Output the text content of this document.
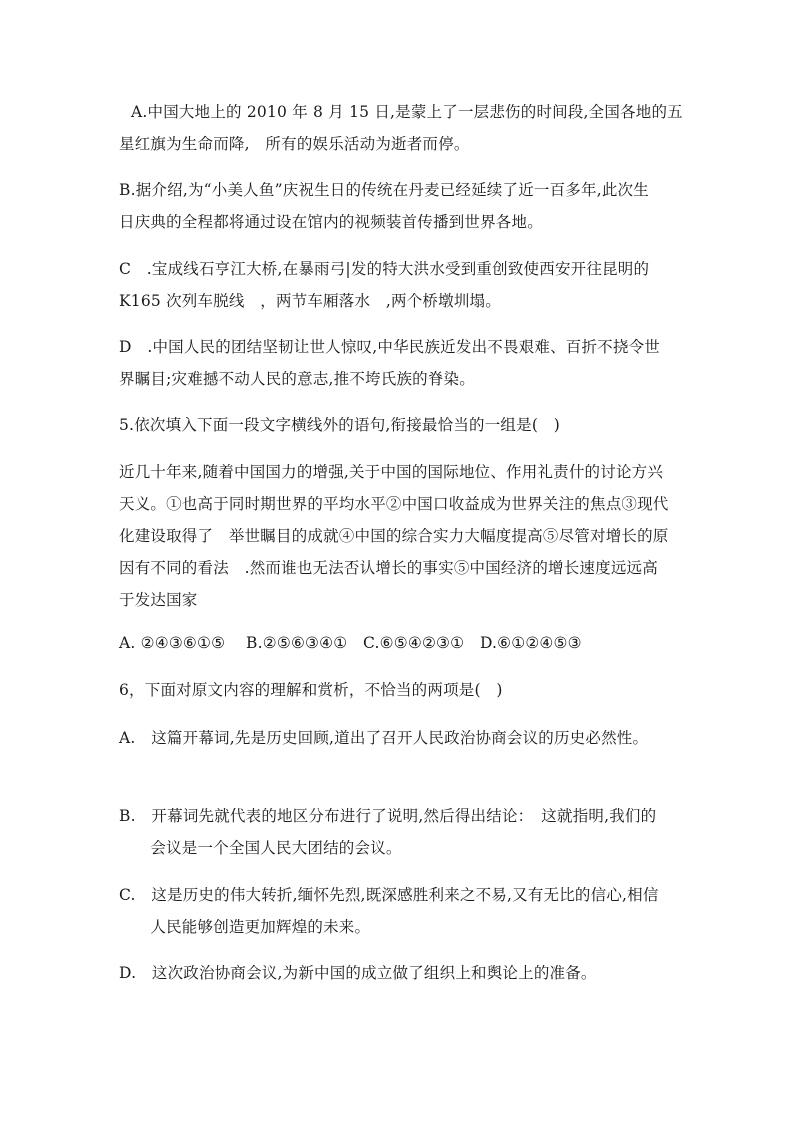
A.中国大地上的 2010 年 8 月 15 日,是蒙上了一层悲伤的时间段,全国各地的五
星红旗为生命而降,　所有的娱乐活动为逝者而停。
B.据介绍,为“小美人鱼”庆祝生日的传统在丹麦已经延续了近一百多年,此次生
日庆典的全程都将通过设在馆内的视频装首传播到世界各地。
C　.宝成线石亨江大桥,在暴雨弓|发的特大洪水受到重创致使西安开往昆明的
K165 次列车脱线　，两节车厢落水　,两个桥墩圳塌。
D　.中国人民的团结坚韧让世人惊叹,中华民族近发出不畏艰难、百折不挠令世
界瞩目;灾难撼不动人民的意志,推不垮氏族的脊染。
5.依次填入下面一段文字横线外的语句,衔接最恰当的一组是(　)
近几十年来,随着中国国力的增强,关于中国的国际地位、作用礼责什的讨论方兴
天义。①也高于同时期世界的平均水平②中国口收益成为世界关注的焦点③现代
化建设取得了　举世瞩目的成就④中国的综合实力大幅度提高⑤尽管对增长的原
因有不同的看法　.然而谁也无法否认增长的事实⑤中国经济的增长速度远远高
于发达国家
A. ②④③⑥①⑤　 B.②⑤⑥③④①　C.⑥⑤④②③①　D.⑥①②④⑤③
6，下面对原文内容的理解和赏析，不恰当的两项是(　)
A.　这篇开幕词,先是历史回顾,道出了召开人民政治协商会议的历史必然性。
B.　开幕词先就代表的地区分布进行了说明,然后得出结论：　这就指明,我们的
　　会议是一个全国人民大团结的会议。
C.　这是历史的伟大转折,缅怀先烈,既深感胜利来之不易,又有无比的信心,相信
　　人民能够创造更加辉煌的未来。
D.　这次政治协商会议,为新中国的成立做了组织上和舆论上的准备。
